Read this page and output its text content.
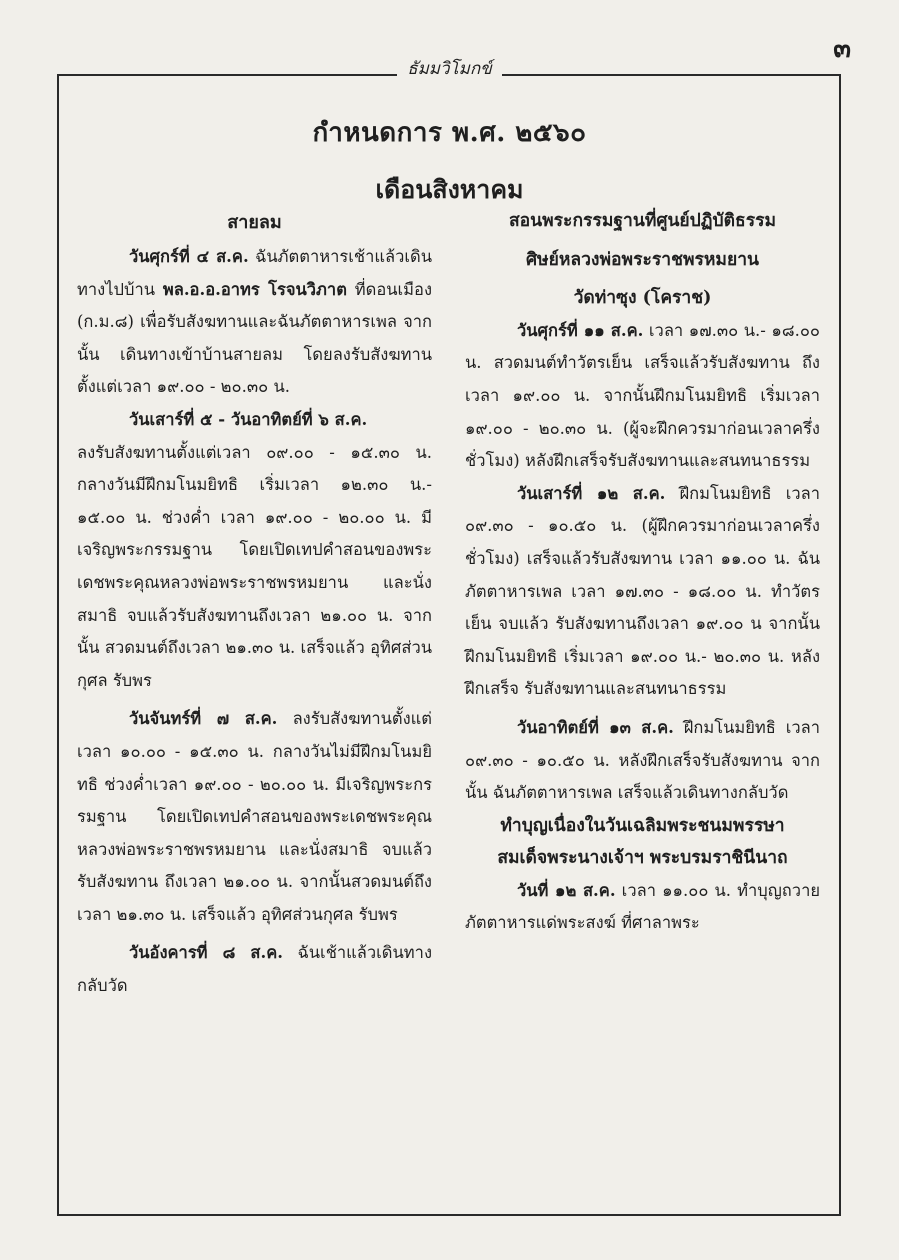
๓
ธัมมวิโมกข์
กำหนดการ พ.ศ. ๒๕๖๐
เดือนสิงหาคม
สายลม

วันศุกร์ที่ ๔ ส.ค. ฉันภัตตาหารเช้าแล้วเดินทางไปบ้าน พล.อ.อ.อาทร โรจนวิภาต ที่ดอนเมือง (ก.ม.๘) เพื่อรับสังฆทานและฉันภัตตาหารเพล จากนั้น เดินทางเข้าบ้านสายลม โดยลงรับสังฆทาน ตั้งแต่เวลา ๑๙.๐๐ - ๒๐.๓๐ น.

วันเสาร์ที่ ๕ - วันอาทิตย์ที่ ๖ ส.ค.

ลงรับสังฆทานตั้งแต่เวลา ๐๙.๐๐ - ๑๕.๓๐ น. กลางวันมีฝึกมโนมยิทธิ เริ่มเวลา ๑๒.๓๐ น.- ๑๕.๐๐ น. ช่วงค่ำ เวลา ๑๙.๐๐ - ๒๐.๐๐ น. มีเจริญพระกรรมฐาน โดยเปิดเทปคำสอนของพระเดชพระคุณหลวงพ่อพระราชพรหมยาน และนั่งสมาธิ จบแล้วรับสังฆทานถึงเวลา ๒๑.๐๐ น. จากนั้น สวดมนต์ถึงเวลา ๒๑.๓๐ น. เสร็จแล้ว อุทิศส่วนกุศล รับพร

วันจันทร์ที่ ๗ ส.ค. ลงรับสังฆทานตั้งแต่เวลา ๑๐.๐๐ - ๑๕.๓๐ น. กลางวันไม่มีฝึกมโนมยิทธิ ช่วงค่ำเวลา ๑๙.๐๐ - ๒๐.๐๐ น. มีเจริญพระกรรมฐาน โดยเปิดเทปคำสอนของพระเดชพระคุณหลวงพ่อพระราชพรหมยาน และนั่งสมาธิ จบแล้ว รับสังฆทาน ถึงเวลา ๒๑.๐๐ น. จากนั้นสวดมนต์ถึงเวลา ๒๑.๓๐ น. เสร็จแล้ว อุทิศส่วนกุศล รับพร

วันอังคารที่ ๘ ส.ค. ฉันเช้าแล้วเดินทางกลับวัด

สอนพระกรรมฐานที่ศูนย์ปฏิบัติธรรม

ศิษย์หลวงพ่อพระราชพรหมยาน

วัดท่าซุง (โคราช)

วันศุกร์ที่ ๑๑ ส.ค. เวลา ๑๗.๓๐ น.- ๑๘.๐๐ น. สวดมนต์ทำวัตรเย็น เสร็จแล้วรับสังฆทาน ถึงเวลา ๑๙.๐๐ น. จากนั้นฝึกมโนมยิทธิ เริ่มเวลา ๑๙.๐๐ - ๒๐.๓๐ น. (ผู้จะฝึกควรมาก่อนเวลาครึ่งชั่วโมง) หลังฝึกเสร็จรับสังฆทานและสนทนาธรรม

วันเสาร์ที่ ๑๒ ส.ค. ฝึกมโนมยิทธิ เวลา ๐๙.๓๐ - ๑๐.๕๐ น. (ผู้ฝึกควรมาก่อนเวลาครึ่งชั่วโมง) เสร็จแล้วรับสังฆทาน เวลา ๑๑.๐๐ น. ฉันภัตตาหารเพล เวลา ๑๗.๓๐ - ๑๘.๐๐ น. ทำวัตรเย็น จบแล้ว รับสังฆทานถึงเวลา ๑๙.๐๐ น จากนั้นฝึกมโนมยิทธิ เริ่มเวลา ๑๙.๐๐ น.- ๒๐.๓๐ น. หลังฝึกเสร็จ รับสังฆทานและสนทนาธรรม

วันอาทิตย์ที่ ๑๓ ส.ค. ฝึกมโนมยิทธิ เวลา ๐๙.๓๐ - ๑๐.๕๐ น. หลังฝึกเสร็จรับสังฆทาน จากนั้น ฉันภัตตาหารเพล เสร็จแล้วเดินทางกลับวัด

ทำบุญเนื่องในวันเฉลิมพระชนมพรรษา

สมเด็จพระนางเจ้าฯ พระบรมราชินีนาถ

วันที่ ๑๒ ส.ค. เวลา ๑๑.๐๐ น. ทำบุญถวายภัตตาหารแด่พระสงฆ์ ที่ศาลาพระ
